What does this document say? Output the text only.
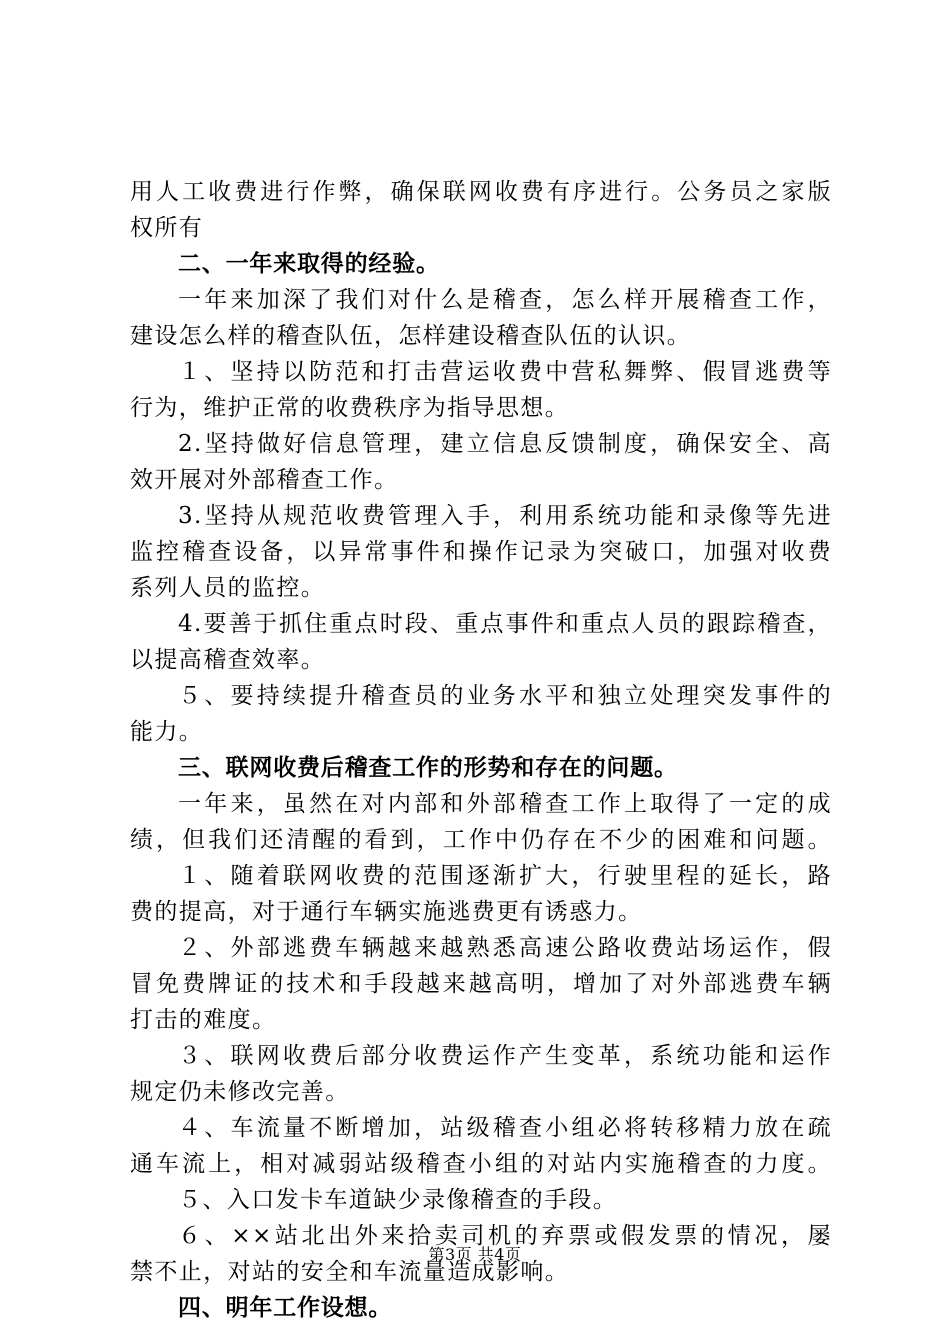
用人工收费进行作弊，确保联网收费有序进行。公务员之家版
权所有
二、一年来取得的经验。
一年来加深了我们对什么是稽查，怎么样开展稽查工作，
建设怎么样的稽查队伍，怎样建设稽查队伍的认识。
１、坚持以防范和打击营运收费中营私舞弊、假冒逃费等
行为，维护正常的收费秩序为指导思想。
2.坚持做好信息管理，建立信息反馈制度，确保安全、高
效开展对外部稽查工作。
3.坚持从规范收费管理入手，利用系统功能和录像等先进
监控稽查设备，以异常事件和操作记录为突破口，加强对收费
系列人员的监控。
4.要善于抓住重点时段、重点事件和重点人员的跟踪稽查，
以提高稽查效率。
５、要持续提升稽查员的业务水平和独立处理突发事件的
能力。
三、联网收费后稽查工作的形势和存在的问题。
一年来，虽然在对内部和外部稽查工作上取得了一定的成
绩，但我们还清醒的看到，工作中仍存在不少的困难和问题。
１、随着联网收费的范围逐渐扩大，行驶里程的延长，路
费的提高，对于通行车辆实施逃费更有诱惑力。
２、外部逃费车辆越来越熟悉高速公路收费站场运作，假
冒免费牌证的技术和手段越来越高明，增加了对外部逃费车辆
打击的难度。
３、联网收费后部分收费运作产生变革，系统功能和运作
规定仍未修改完善。
４、车流量不断增加，站级稽查小组必将转移精力放在疏
通车流上，相对减弱站级稽查小组的对站内实施稽查的力度。
５、入口发卡车道缺少录像稽查的手段。
６、××站北出外来拾卖司机的弃票或假发票的情况，屡
禁不止，对站的安全和车流量造成影响。
四、明年工作设想。
第3页 共4页
